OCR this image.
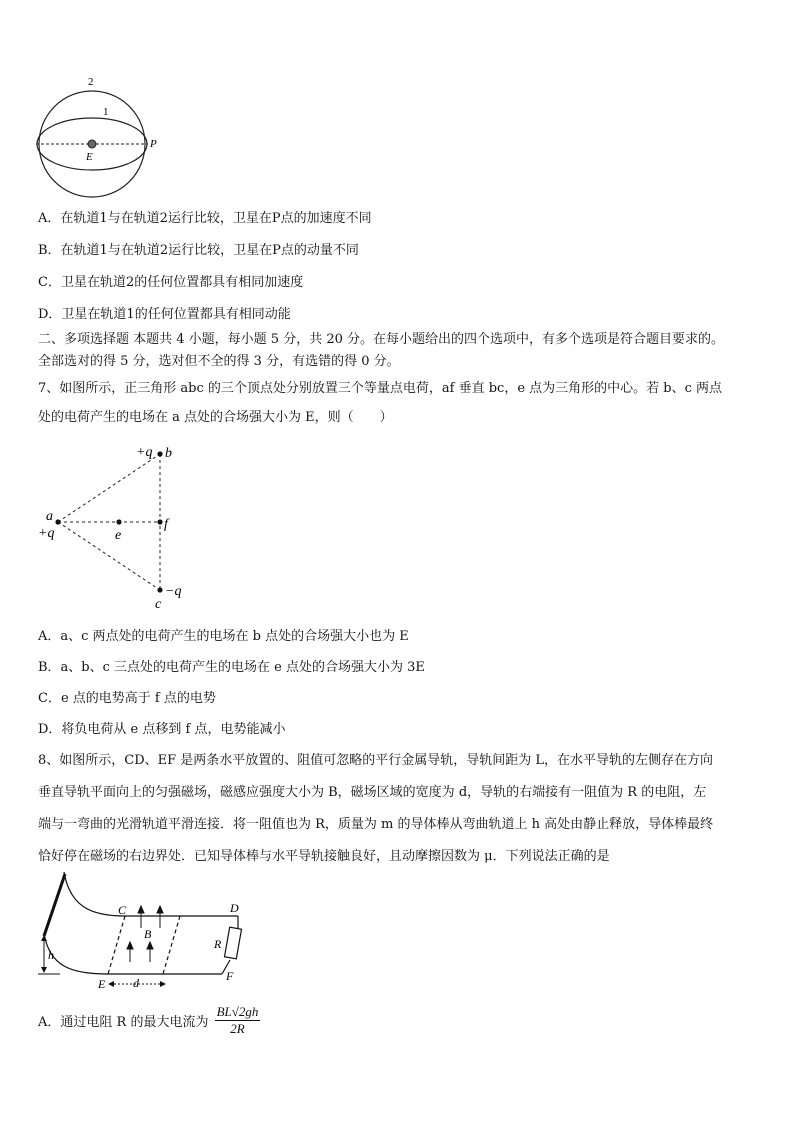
2
1
E
P
A．在轨道1与在轨道2运行比较，卫星在P点的加速度不同
B．在轨道1与在轨道2运行比较，卫星在P点的动量不同
C．卫星在轨道2的任何位置都具有相同加速度
D．卫星在轨道1的任何位置都具有相同动能
二、多项选择题 本题共 4 小题，每小题 5 分，共 20 分。在每小题给出的四个选项中，有多个选项是符合题目要求的。
全部选对的得 5 分，选对但不全的得 3 分，有选错的得 0 分。
7、如图所示，正三角形 abc 的三个顶点处分别放置三个等量点电荷，af 垂直 bc，e 点为三角形的中心。若 b、c 两点
处的电荷产生的电场在 a 点处的合场强大小为 E，则（　　）
+q b
a
+q	e
f
c
−q
A．a、c 两点处的电荷产生的电场在 b 点处的合场强大小也为 E
B．a、b、c 三点处的电荷产生的电场在 e 点处的合场强大小为 3E
C．e 点的电势高于 f 点的电势
D．将负电荷从 e 点移到 f 点，电势能减小
8、如图所示，CD、EF 是两条水平放置的、阻值可忽略的平行金属导轨，导轨间距为 L，在水平导轨的左侧存在方向
垂直导轨平面向上的匀强磁场，磁感应强度大小为 B，磁场区域的宽度为 d，导轨的右端接有一阻值为 R 的电阻，左
端与一弯曲的光滑轨道平滑连接．将一阻值也为 R，质量为 m 的导体棒从弯曲轨道上 h 高处由静止释放，导体棒最终
恰好停在磁场的右边界处．已知导体棒与水平导轨接触良好，且动摩擦因数为 μ．下列说法正确的是
C	D
B
R
h
E d	F
A．通过电阻 R 的最大电流为 $\frac{BL√2gh}{2R}$
